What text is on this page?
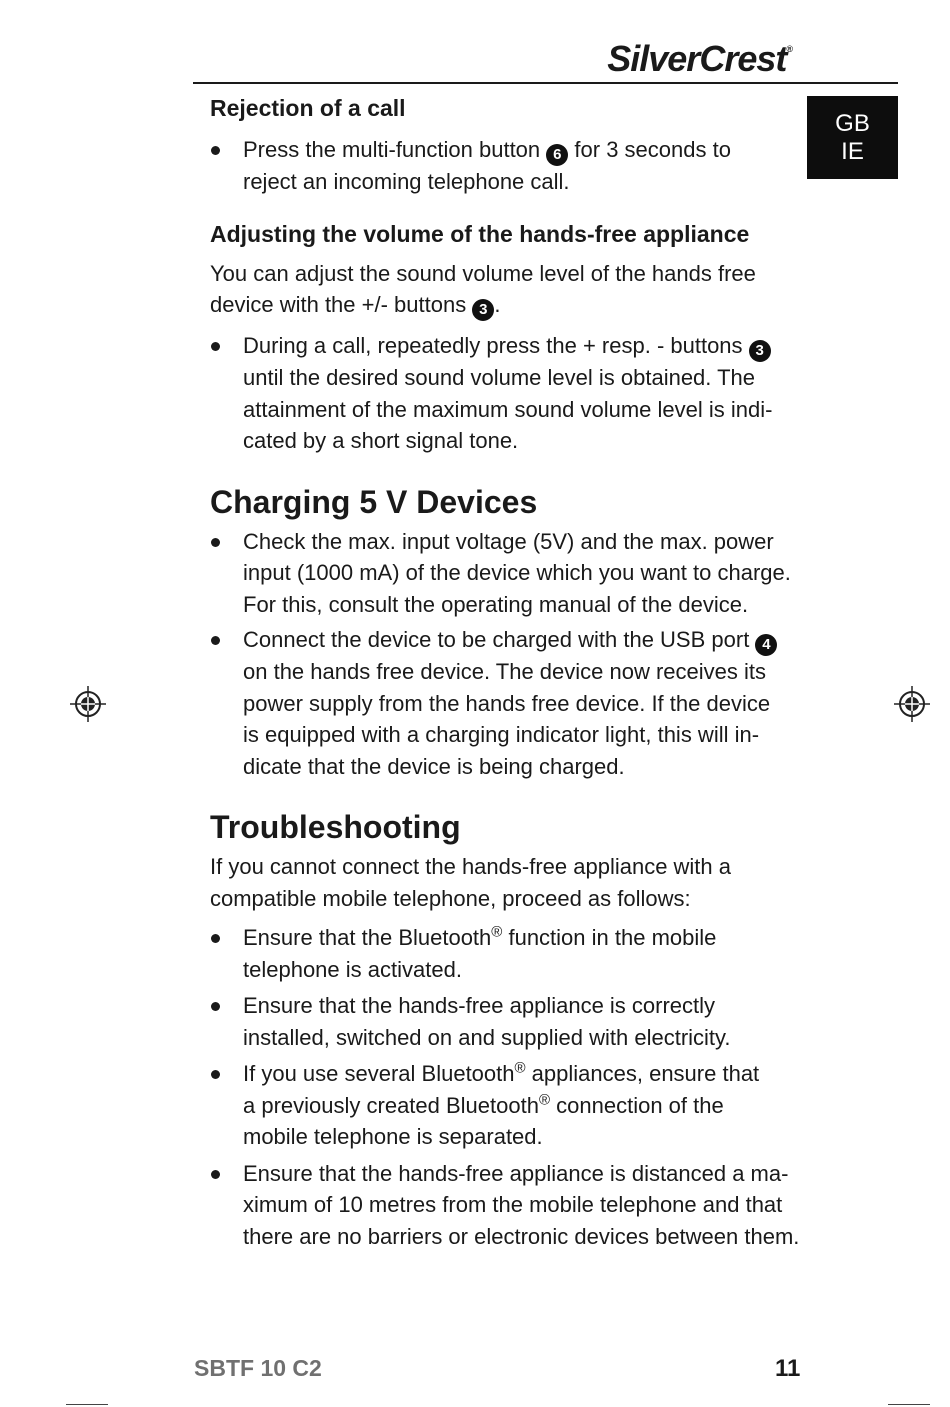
SilverCrest®
GB
IE
Rejection of a call
Press the multi-function button 6 for 3 seconds to
reject an incoming telephone call.
Adjusting the volume of the hands-free appliance

You can adjust the sound volume level of the hands free

device with the +/- buttons 3 .

During a call, repeatedly press the + resp. - buttons 3
until the desired sound volume level is obtained. The
attainment of the maximum sound volume level is indi-
cated by a short signal tone.
Charging 5 V Devices
Check the max. input voltage (5V) and the max. power
input (1000 mA) of the device which you want to charge.
For this, consult the operating manual of the device.
Connect the device to be charged with the USB port 4
on the hands free device. The device now receives its
power supply from the hands free device. If the device
is equipped with a charging indicator light, this will in-
dicate that the device is being charged.
Troubleshooting

If you cannot connect the hands-free appliance with a

compatible mobile telephone, proceed as follows:

Ensure that the Bluetooth® function in the mobile
telephone is activated.
Ensure that the hands-free appliance is correctly
installed, switched on and supplied with electricity.
If you use several Bluetooth® appliances, ensure that
a previously created Bluetooth® connection of the
mobile telephone is separated.
Ensure that the hands-free appliance is distanced a ma-
ximum of 10 metres from the mobile telephone and that
there are no barriers or electronic devices between them.
SBTF 10 C2	11
